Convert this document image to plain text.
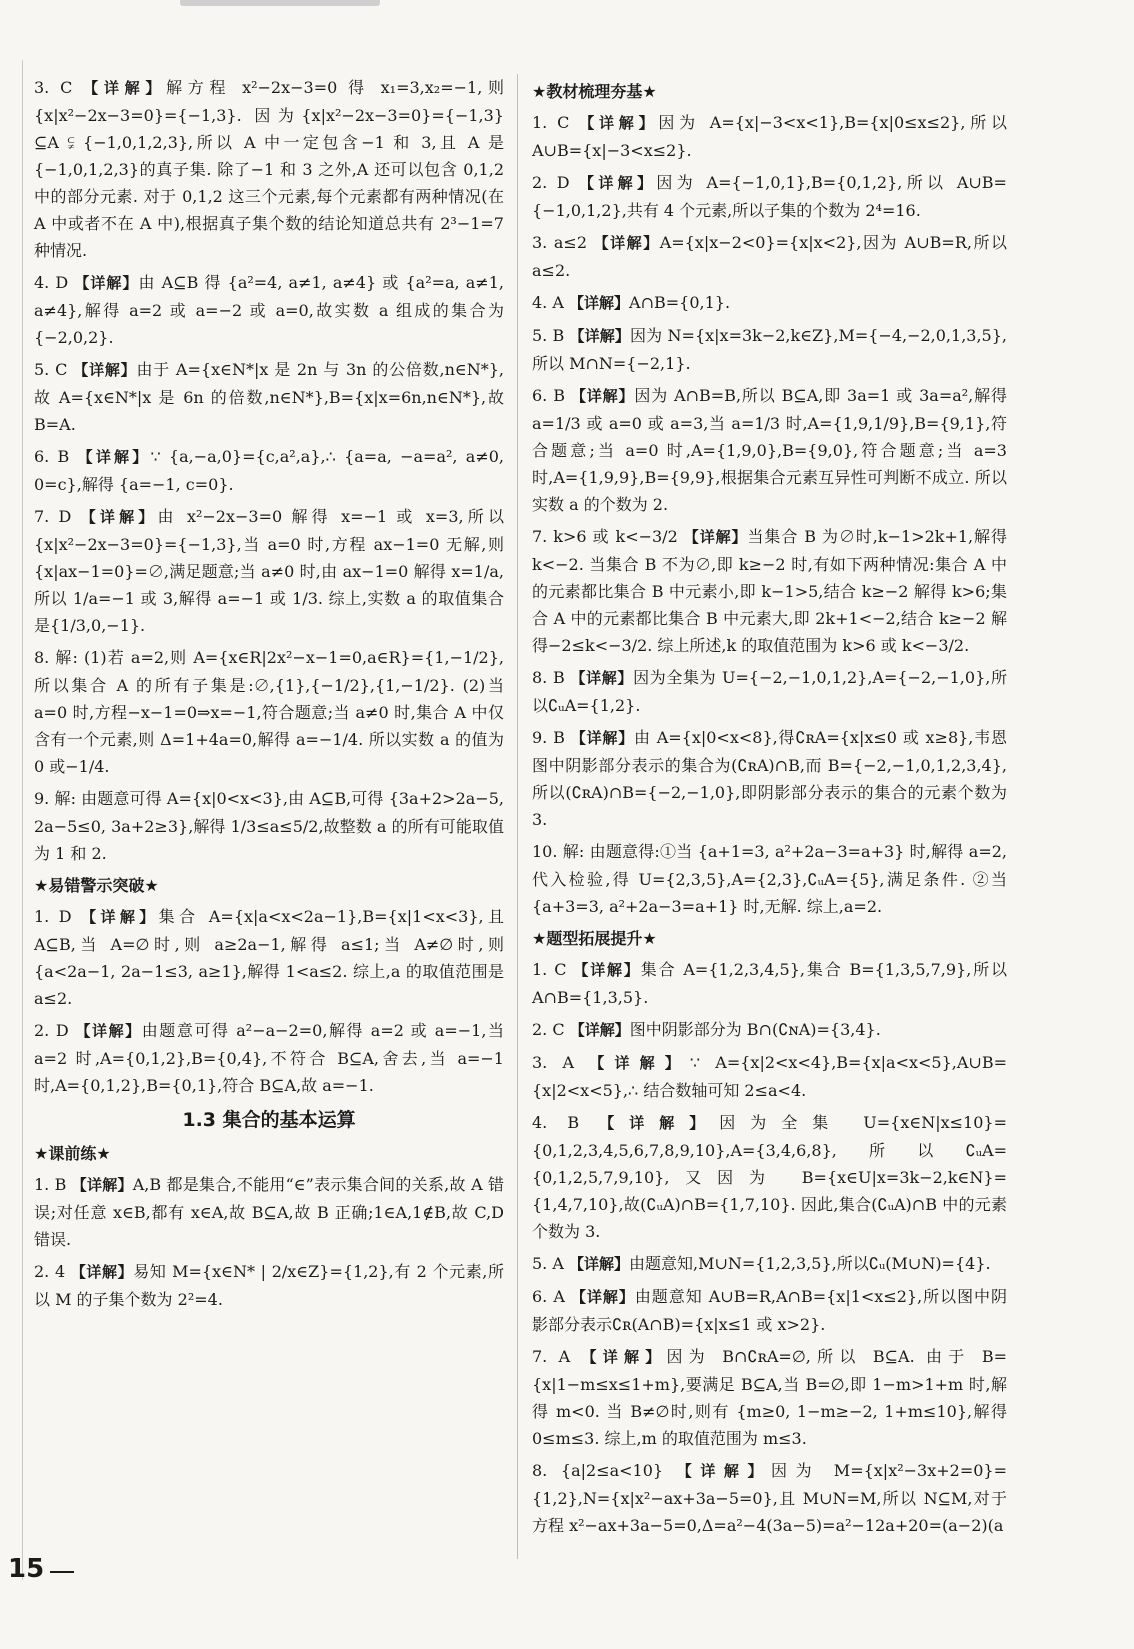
3. C 【详解】解方程 x²−2x−3=0 得 x₁=3,x₂=−1,则{x|x²−2x−3=0}={−1,3}. 因为{x|x²−2x−3=0}={−1,3}⊆A ⫋ {−1,0,1,2,3},所以 A 中一定包含−1 和 3,且 A 是{−1,0,1,2,3}的真子集. 除了−1 和 3 之外,A 还可以包含 0,1,2 中的部分元素. 对于 0,1,2 这三个元素,每个元素都有两种情况(在 A 中或者不在 A 中),根据真子集个数的结论知道总共有 2³−1=7 种情况.
4. D 【详解】由 A⊆B 得 {a²=4, a≠1, a≠4} 或 {a²=a, a≠1, a≠4},解得 a=2 或 a=−2 或 a=0,故实数 a 组成的集合为{−2,0,2}.
5. C 【详解】由于 A={x∈N*|x 是 2n 与 3n 的公倍数,n∈N*},故 A={x∈N*|x 是 6n 的倍数,n∈N*},B={x|x=6n,n∈N*},故 B=A.
6. B 【详解】∵ {a,−a,0}={c,a²,a},∴ {a=a, −a=a², a≠0, 0=c},解得 {a=−1, c=0}.
7. D 【详解】由 x²−2x−3=0 解得 x=−1 或 x=3,所以{x|x²−2x−3=0}={−1,3},当 a=0 时,方程 ax−1=0 无解,则 {x|ax−1=0}=∅,满足题意;当 a≠0 时,由 ax−1=0 解得 x=1/a,所以 1/a=−1 或 3,解得 a=−1 或 1/3. 综上,实数 a 的取值集合是{1/3,0,−1}.
8. 解: (1)若 a=2,则 A={x∈R|2x²−x−1=0,a∈R}={1,−1/2},所以集合 A 的所有子集是:∅,{1},{−1/2},{1,−1/2}. (2)当 a=0 时,方程−x−1=0⇒x=−1,符合题意;当 a≠0 时,集合 A 中仅含有一个元素,则 Δ=1+4a=0,解得 a=−1/4. 所以实数 a 的值为 0 或−1/4.
9. 解: 由题意可得 A={x|0<x<3},由 A⊆B,可得 {3a+2>2a−5, 2a−5≤0, 3a+2≥3},解得 1/3≤a≤5/2,故整数 a 的所有可能取值为 1 和 2.
★易错警示突破★
1. D 【详解】集合 A={x|a<x<2a−1},B={x|1<x<3},且 A⊆B,当 A=∅时,则 a≥2a−1,解得 a≤1;当 A≠∅时,则 {a<2a−1, 2a−1≤3, a≥1},解得 1<a≤2. 综上,a 的取值范围是 a≤2.
2. D 【详解】由题意可得 a²−a−2=0,解得 a=2 或 a=−1,当 a=2 时,A={0,1,2},B={0,4},不符合 B⊆A,舍去,当 a=−1 时,A={0,1,2},B={0,1},符合 B⊆A,故 a=−1.
1.3 集合的基本运算
★课前练★
1. B 【详解】A,B 都是集合,不能用“∈”表示集合间的关系,故 A 错误;对任意 x∈B,都有 x∈A,故 B⊆A,故 B 正确;1∈A,1∉B,故 C,D 错误.
2. 4 【详解】易知 M={x∈N* | 2/x∈Z}={1,2},有 2 个元素,所以 M 的子集个数为 2²=4.
★教材梳理夯基★
1. C 【详解】因为 A={x|−3<x<1},B={x|0≤x≤2},所以 A∪B={x|−3<x≤2}.
2. D 【详解】因为 A={−1,0,1},B={0,1,2},所以 A∪B={−1,0,1,2},共有 4 个元素,所以子集的个数为 2⁴=16.
3. a≤2 【详解】A={x|x−2<0}={x|x<2},因为 A∪B=R,所以 a≤2.
4. A 【详解】A∩B={0,1}.
5. B 【详解】因为 N={x|x=3k−2,k∈Z},M={−4,−2,0,1,3,5},所以 M∩N={−2,1}.
6. B 【详解】因为 A∩B=B,所以 B⊆A,即 3a=1 或 3a=a²,解得 a=1/3 或 a=0 或 a=3,当 a=1/3 时,A={1,9,1/9},B={9,1},符合题意;当 a=0 时,A={1,9,0},B={9,0},符合题意;当 a=3 时,A={1,9,9},B={9,9},根据集合元素互异性可判断不成立. 所以实数 a 的个数为 2.
7. k>6 或 k<−3/2 【详解】当集合 B 为∅时,k−1>2k+1,解得 k<−2. 当集合 B 不为∅,即 k≥−2 时,有如下两种情况:集合 A 中的元素都比集合 B 中元素小,即 k−1>5,结合 k≥−2 解得 k>6;集合 A 中的元素都比集合 B 中元素大,即 2k+1<−2,结合 k≥−2 解得−2≤k<−3/2. 综上所述,k 的取值范围为 k>6 或 k<−3/2.
8. B 【详解】因为全集为 U={−2,−1,0,1,2},A={−2,−1,0},所以∁ᵤA={1,2}.
9. B 【详解】由 A={x|0<x<8},得∁ʀA={x|x≤0 或 x≥8},韦恩图中阴影部分表示的集合为(∁ʀA)∩B,而 B={−2,−1,0,1,2,3,4},所以(∁ʀA)∩B={−2,−1,0},即阴影部分表示的集合的元素个数为 3.
10. 解: 由题意得:①当 {a+1=3, a²+2a−3=a+3} 时,解得 a=2,代入检验,得 U={2,3,5},A={2,3},∁ᵤA={5},满足条件. ②当 {a+3=3, a²+2a−3=a+1} 时,无解. 综上,a=2.
★题型拓展提升★
1. C 【详解】集合 A={1,2,3,4,5},集合 B={1,3,5,7,9},所以 A∩B={1,3,5}.
2. C 【详解】图中阴影部分为 B∩(∁ɴA)={3,4}.
3. A 【详解】∵ A={x|2<x<4},B={x|a<x<5},A∪B={x|2<x<5},∴ 结合数轴可知 2≤a<4.
4. B 【详解】因为全集 U={x∈N|x≤10}={0,1,2,3,4,5,6,7,8,9,10},A={3,4,6,8},所以∁ᵤA={0,1,2,5,7,9,10},又因为 B={x∈U|x=3k−2,k∈N}={1,4,7,10},故(∁ᵤA)∩B={1,7,10}. 因此,集合(∁ᵤA)∩B 中的元素个数为 3.
5. A 【详解】由题意知,M∪N={1,2,3,5},所以∁ᵤ(M∪N)={4}.
6. A 【详解】由题意知 A∪B=R,A∩B={x|1<x≤2},所以图中阴影部分表示∁ʀ(A∩B)={x|x≤1 或 x>2}.
7. A 【详解】因为 B∩∁ʀA=∅,所以 B⊆A. 由于 B={x|1−m≤x≤1+m},要满足 B⊆A,当 B=∅,即 1−m>1+m 时,解得 m<0. 当 B≠∅时,则有 {m≥0, 1−m≥−2, 1+m≤10},解得 0≤m≤3. 综上,m 的取值范围为 m≤3.
8. {a|2≤a<10} 【详解】因为 M={x|x²−3x+2=0}={1,2},N={x|x²−ax+3a−5=0},且 M∪N=M,所以 N⊆M,对于方程 x²−ax+3a−5=0,Δ=a²−4(3a−5)=a²−12a+20=(a−2)(a
15
